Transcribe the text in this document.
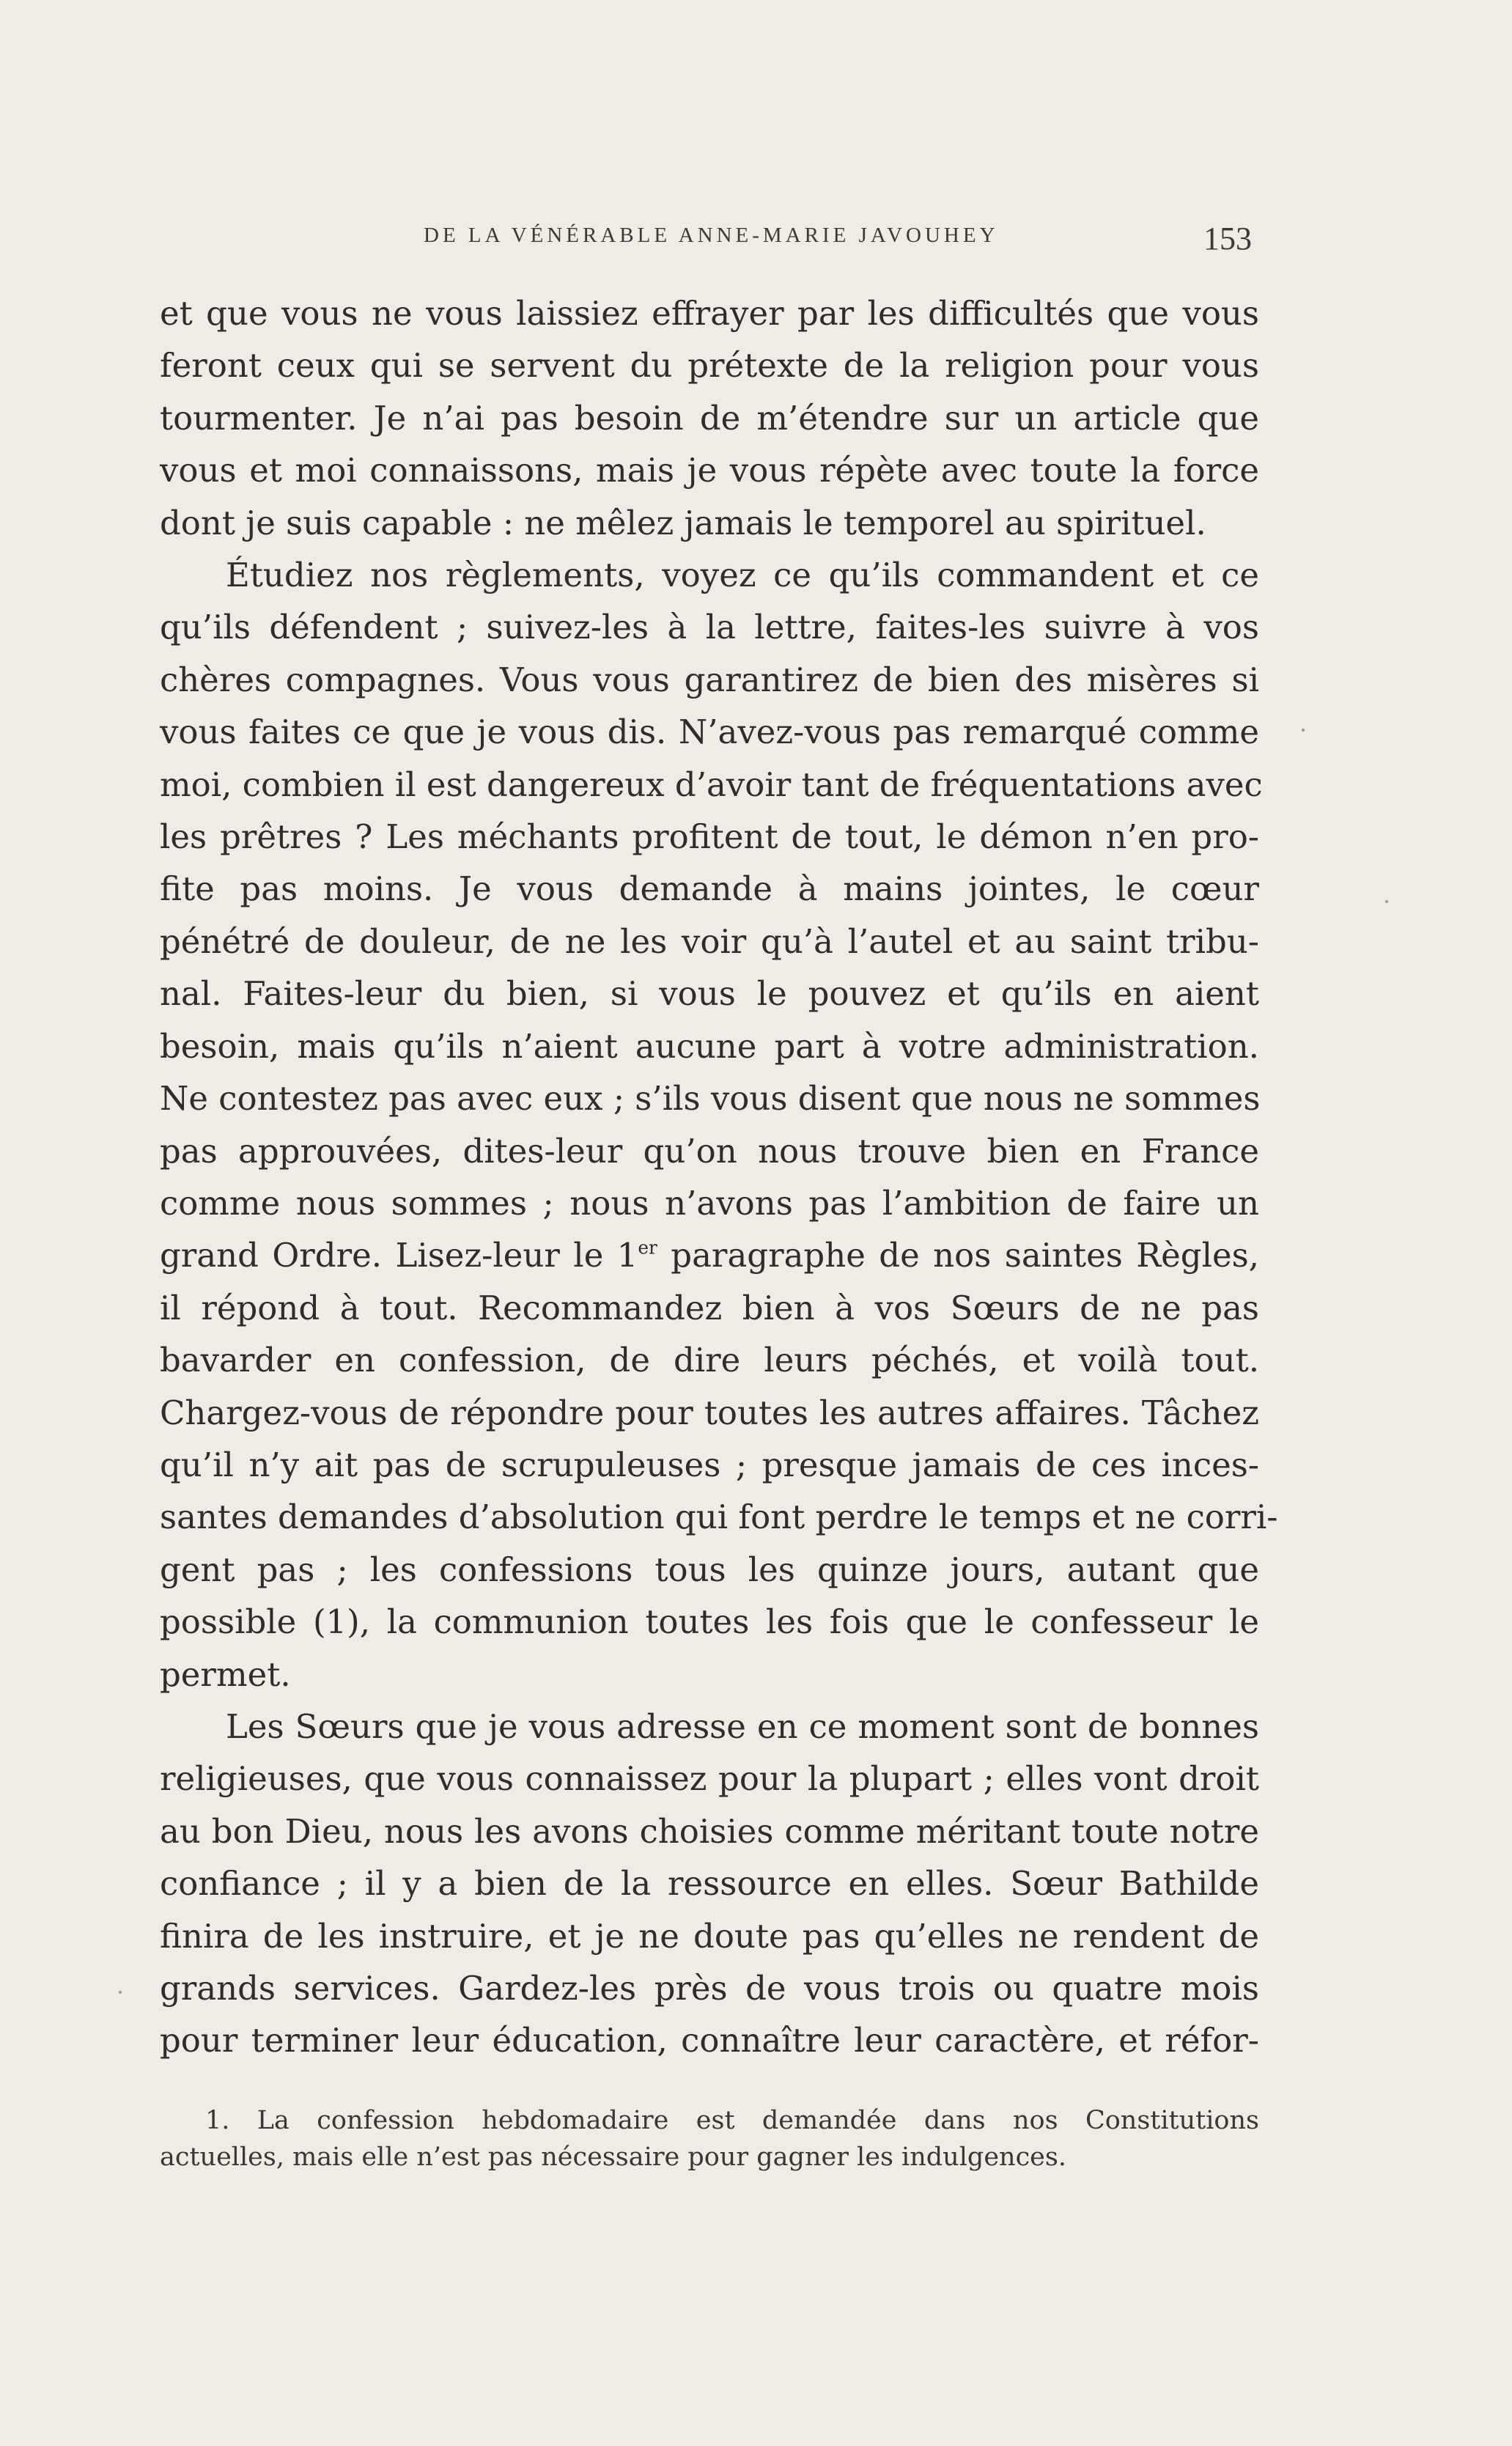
DE LA VÉNÉRABLE ANNE-MARIE JAVOUHEY	153
et que vous ne vous laissiez effrayer par les difficultés que vous
feront ceux qui se servent du prétexte de la religion pour vous
tourmenter. Je n’ai pas besoin de m’étendre sur un article que
vous et moi connaissons, mais je vous répète avec toute la force
dont je suis capable : ne mêlez jamais le temporel au spirituel.
Étudiez nos règlements, voyez ce qu’ils commandent et ce
qu’ils défendent ; suivez-les à la lettre, faites-les suivre à vos
chères compagnes. Vous vous garantirez de bien des misères si
vous faites ce que je vous dis. N’avez-vous pas remarqué comme
moi, combien il est dangereux d’avoir tant de fréquentations avec
les prêtres ? Les méchants profitent de tout, le démon n’en pro-
fite pas moins. Je vous demande à mains jointes, le cœur
pénétré de douleur, de ne les voir qu’à l’autel et au saint tribu-
nal. Faites-leur du bien, si vous le pouvez et qu’ils en aient
besoin, mais qu’ils n’aient aucune part à votre administration.
Ne contestez pas avec eux ; s’ils vous disent que nous ne sommes
pas approuvées, dites-leur qu’on nous trouve bien en France
comme nous sommes ; nous n’avons pas l’ambition de faire un
grand Ordre. Lisez-leur le 1er paragraphe de nos saintes Règles,
il répond à tout. Recommandez bien à vos Sœurs de ne pas
bavarder en confession, de dire leurs péchés, et voilà tout.
Chargez-vous de répondre pour toutes les autres affaires. Tâchez
qu’il n’y ait pas de scrupuleuses ; presque jamais de ces inces-
santes demandes d’absolution qui font perdre le temps et ne corri-
gent pas ; les confessions tous les quinze jours, autant que
possible (1), la communion toutes les fois que le confesseur le
permet.
Les Sœurs que je vous adresse en ce moment sont de bonnes
religieuses, que vous connaissez pour la plupart ; elles vont droit
au bon Dieu, nous les avons choisies comme méritant toute notre
confiance ; il y a bien de la ressource en elles. Sœur Bathilde
finira de les instruire, et je ne doute pas qu’elles ne rendent de
grands services. Gardez-les près de vous trois ou quatre mois
pour terminer leur éducation, connaître leur caractère, et réfor-
1. La confession hebdomadaire est demandée dans nos Constitutions
actuelles, mais elle n’est pas nécessaire pour gagner les indulgences.
